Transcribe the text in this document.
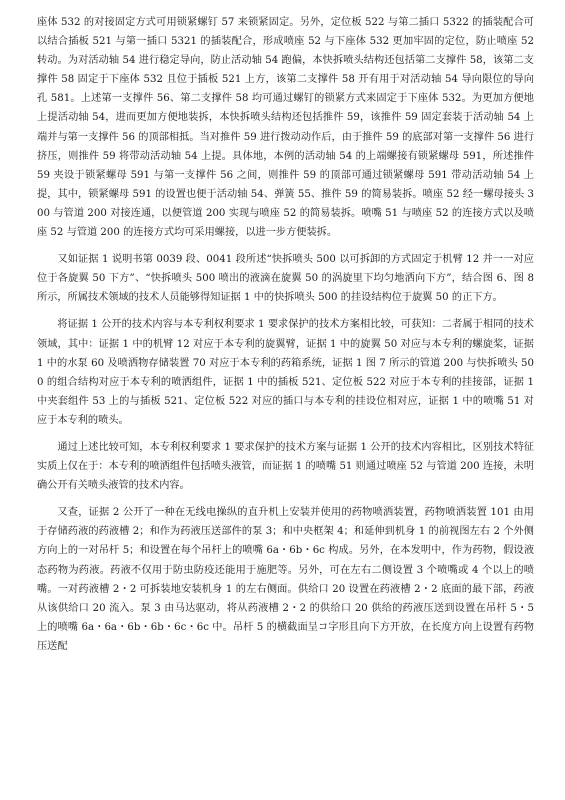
座体 532 的对接固定方式可用锁紧螺钉 57 来锁紧固定。另外，定位板 522 与第二插口 5322 的插装配合可以结合插板 521 与第一插口 5321 的插装配合，形成喷座 52 与下座体 532 更加牢固的定位，防止喷座 52 转动。为对活动轴 54 进行稳定导向，防止活动轴 54 跑偏，本快拆喷头结构还包括第二支撑件 58，该第二支撑件 58 固定于下座体 532 且位于插板 521 上方，该第二支撑件 58 开有用于对活动轴 54 导向限位的导向孔 581。上述第一支撑件 56、第二支撑件 58 均可通过螺钉的锁紧方式来固定于下座体 532。为更加方便地上提活动轴 54，进而更加方便地装拆，本快拆喷头结构还包括推件 59，该推件 59 固定套装于活动轴 54 上端并与第一支撑件 56 的顶部相抵。当对推件 59 进行拨动动作后，由于推件 59 的底部对第一支撑件 56 进行挤压，则推件 59 将带动活动轴 54 上提。具体地，本例的活动轴 54 的上端螺接有锁紧螺母 591，所述推件 59 夹设于锁紧螺母 591 与第一支撑件 56 之间，则推件 59 的顶部可通过锁紧螺母 591 带动活动轴 54 上提，其中，锁紧螺母 591 的设置也便于活动轴 54、弹簧 55、推件 59 的简易装拆。喷座 52 经一螺母接头 300 与管道 200 对接连通，以便管道 200 实现与喷座 52 的简易装拆。喷嘴 51 与喷座 52 的连接方式以及喷座 52 与管道 200 的连接方式均可采用螺接，以进一步方便装拆。

又如证据 1 说明书第 0039 段、0041 段所述“快拆喷头 500 以可拆卸的方式固定于机臂 12 并一一对应位于各旋翼 50 下方”、“快拆喷头 500 喷出的液滴在旋翼 50 的涡旋里下均匀地洒向下方”，结合图 6、图 8 所示，所属技术领域的技术人员能够得知证据 1 中的快拆喷头 500 的挂设结构位于旋翼 50 的正下方。

将证据 1 公开的技术内容与本专利权利要求 1 要求保护的技术方案相比较，可获知：二者属于相同的技术领域，其中：证据 1 中的机臂 12 对应于本专利的旋翼臂，证据 1 中的旋翼 50 对应与本专利的螺旋桨，证据 1 中的水泵 60 及喷洒物存储装置 70 对应于本专利的药箱系统，证据 1 图 7 所示的管道 200 与快拆喷头 500 的组合结构对应于本专利的喷洒组件，证据 1 中的插板 521、定位板 522 对应于本专利的挂接部，证据 1 中夹套组件 53 上的与插板 521、定位板 522 对应的插口与本专利的挂设位相对应，证据 1 中的喷嘴 51 对应于本专利的喷头。

通过上述比较可知，本专利权利要求 1 要求保护的技术方案与证据 1 公开的技术内容相比，区别技术特征实质上仅在于：本专利的喷洒组件包括喷头液管，而证据 1 的喷嘴 51 则通过喷座 52 与管道 200 连接，未明确公开有关喷头液管的技术内容。

又查，证据 2 公开了一种在无线电操纵的直升机上安装并使用的药物喷洒装置，药物喷洒装置 101 由用于存储药液的药液槽 2；和作为药液压送部件的泵 3；和中央框架 4；和延伸到机身 1 的前视图左右 2 个外侧方向上的一对吊杆 5；和设置在每个吊杆上的喷嘴 6a・6b・6c 构成。另外，在本发明中，作为药物，假设液态药物为药液。药液不仅用于防虫防疫还能用于施肥等。另外，可在左右二侧设置 3 个喷嘴或 4 个以上的喷嘴。一对药液槽 2・2 可拆装地安装机身 1 的左右侧面。供给口 20 设置在药液槽 2・2 底面的最下部，药液从该供给口 20 流入。泵 3 由马达驱动，将从药液槽 2・2 的供给口 20 供给的药液压送到设置在吊杆 5・5 上的喷嘴 6a・6a・6b・6b・6c・6c 中。吊杆 5 的横截面呈コ字形且向下方开放，在长度方向上设置有药物压送配
